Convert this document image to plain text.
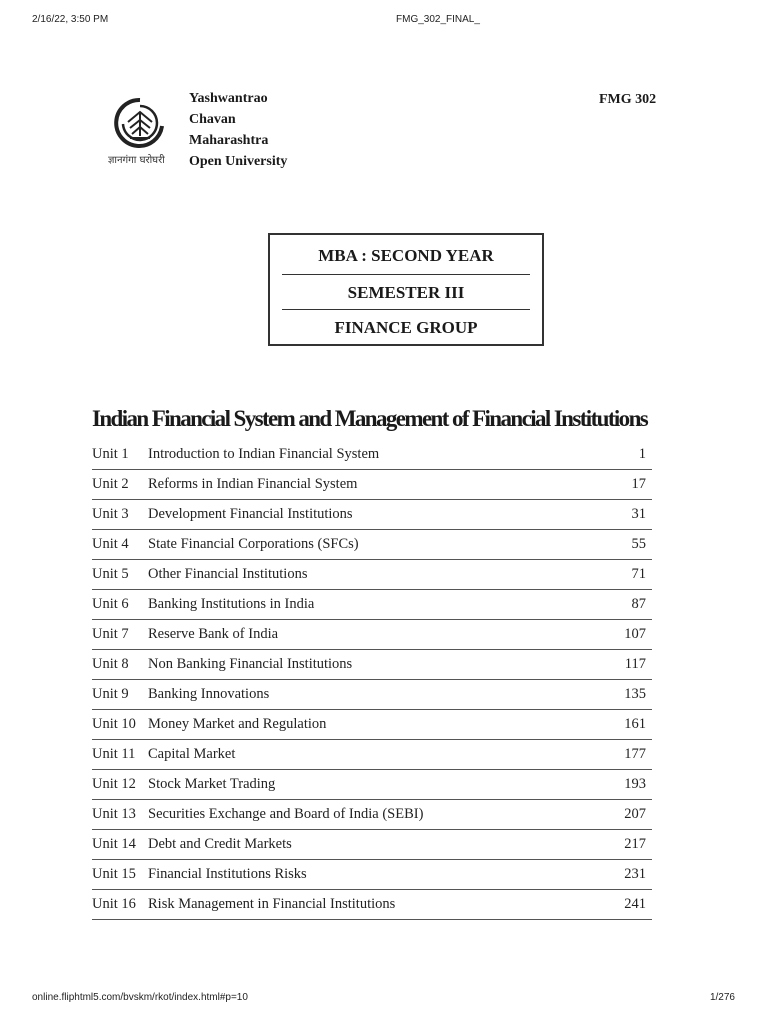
2/16/22, 3:50 PM	FMG_302_FINAL_
ज्ञानगंगा घरोघरी
Yashwantrao
Chavan
Maharashtra
Open University
FMG 302
MBA : SECOND YEAR
SEMESTER III
FINANCE GROUP
Indian Financial System and Management of Financial Institutions
Unit 1 Introduction to Indian Financial System	1
Unit 2 Reforms in Indian Financial System	17
Unit 3 Development Financial Institutions	31
Unit 4 State Financial Corporations (SFCs)	55
Unit 5 Other Financial Institutions	71
Unit 6 Banking Institutions in India	87
Unit 7 Reserve Bank of India	107
Unit 8 Non Banking Financial Institutions	117
Unit 9 Banking Innovations	135
Unit 10 Money Market and Regulation	161
Unit 11 Capital Market	177
Unit 12 Stock Market Trading	193
Unit 13 Securities Exchange and Board of India (SEBI)	207
Unit 14 Debt and Credit Markets	217
Unit 15 Financial Institutions Risks	231
Unit 16 Risk Management in Financial Institutions	241
online.fliphtml5.com/bvskm/rkot/index.html#p=10	1/276
